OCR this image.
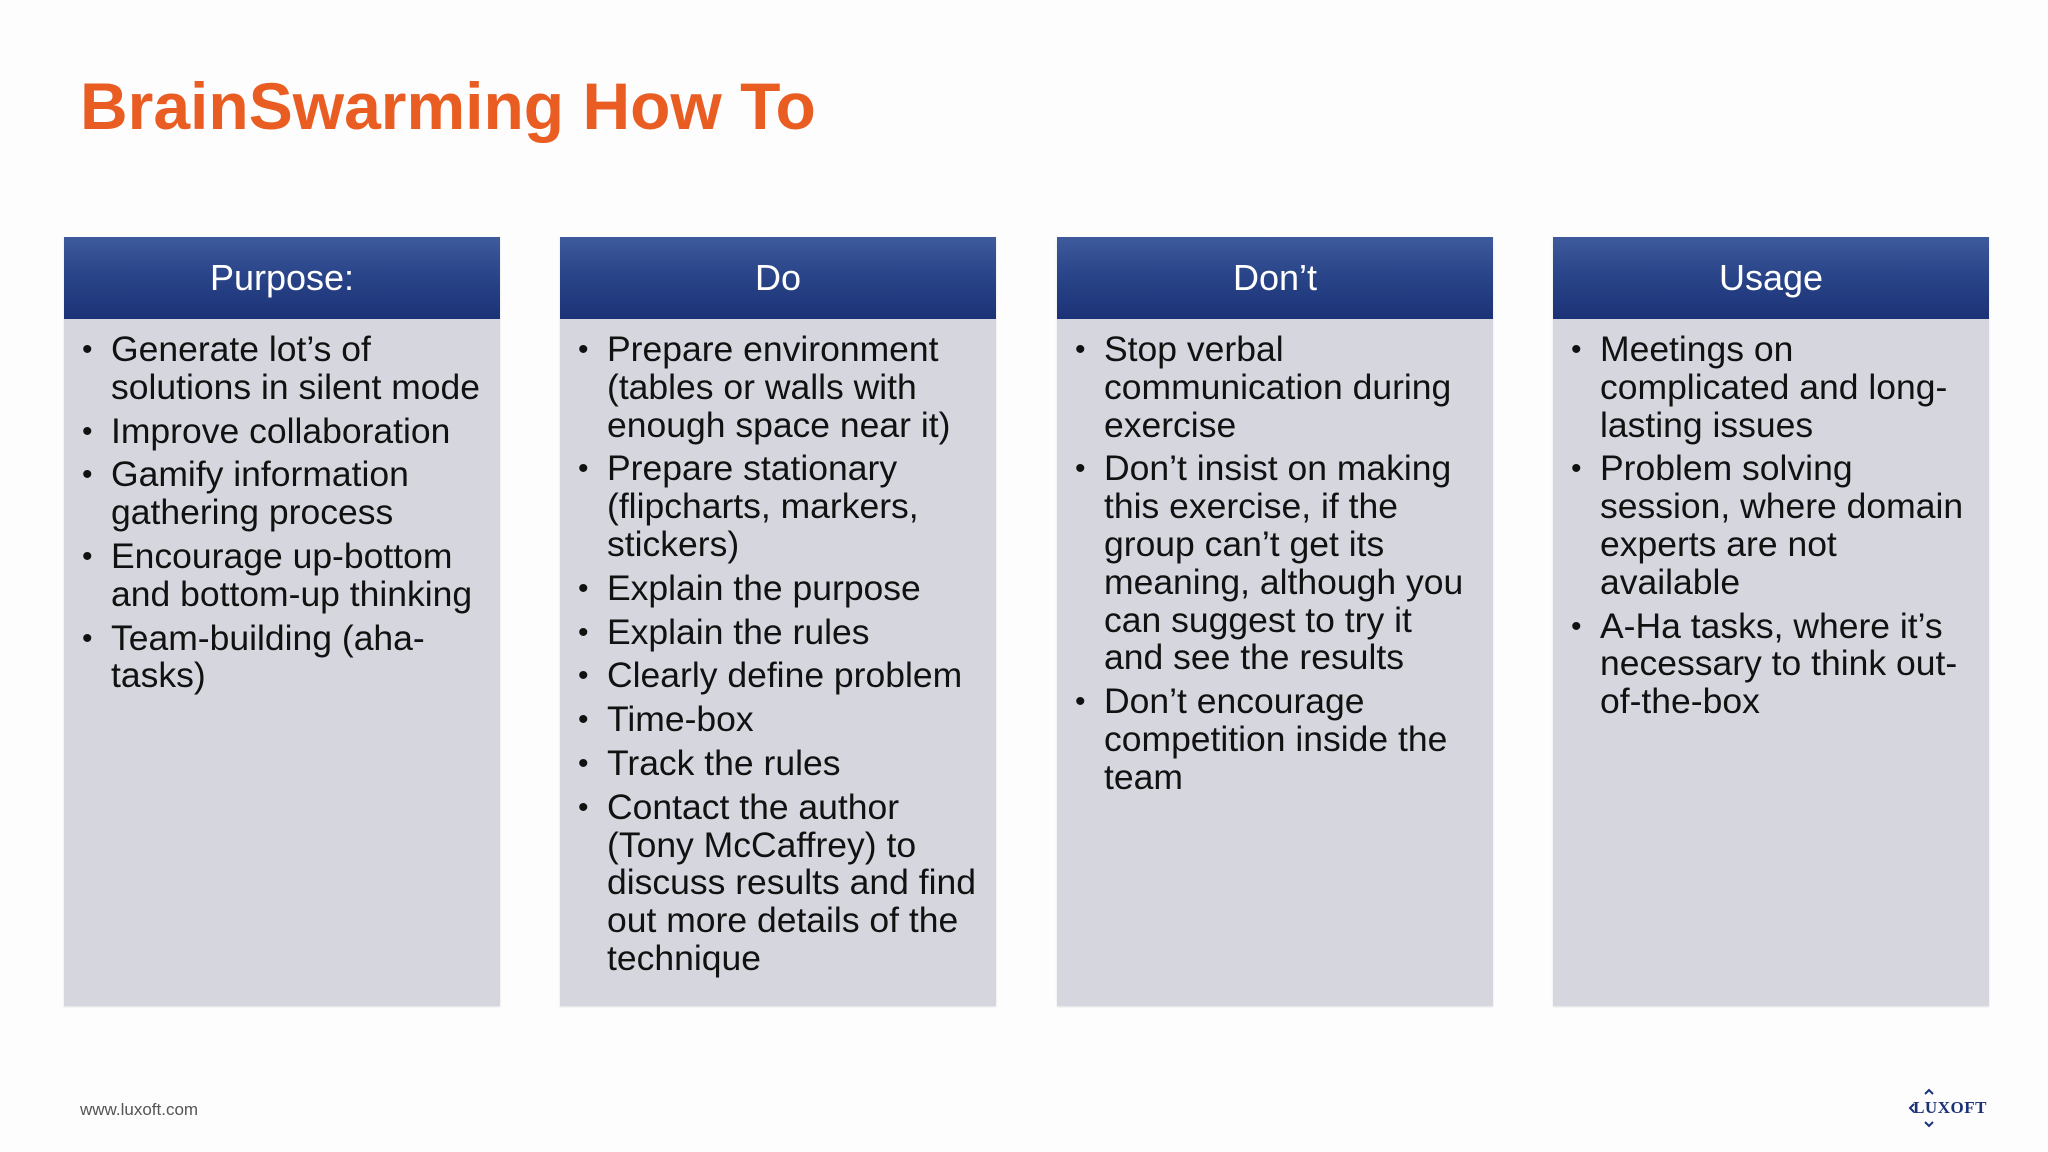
BrainSwarming How To
Purpose:
• Generate lot’s of solutions in silent mode
• Improve collaboration
• Gamify information gathering process
• Encourage up-bottom and bottom-up thinking
• Team-building (aha-tasks)
Do
• Prepare environment (tables or walls with enough space near it)
• Prepare stationary (flipcharts, markers, stickers)
• Explain the purpose
• Explain the rules
• Clearly define problem
• Time-box
• Track the rules
• Contact the author (Tony McCaffrey) to discuss results and find out more details of the technique
Don’t
• Stop verbal communication during exercise
• Don’t insist on making this exercise, if the group can’t get its meaning, although you can suggest to try it and see the results
• Don’t encourage competition inside the team
Usage
• Meetings on complicated and long-lasting issues
• Problem solving session, where domain experts are not available
• A-Ha tasks, where it’s necessary to think out-of-the-box
www.luxoft.com	LUXOFT
